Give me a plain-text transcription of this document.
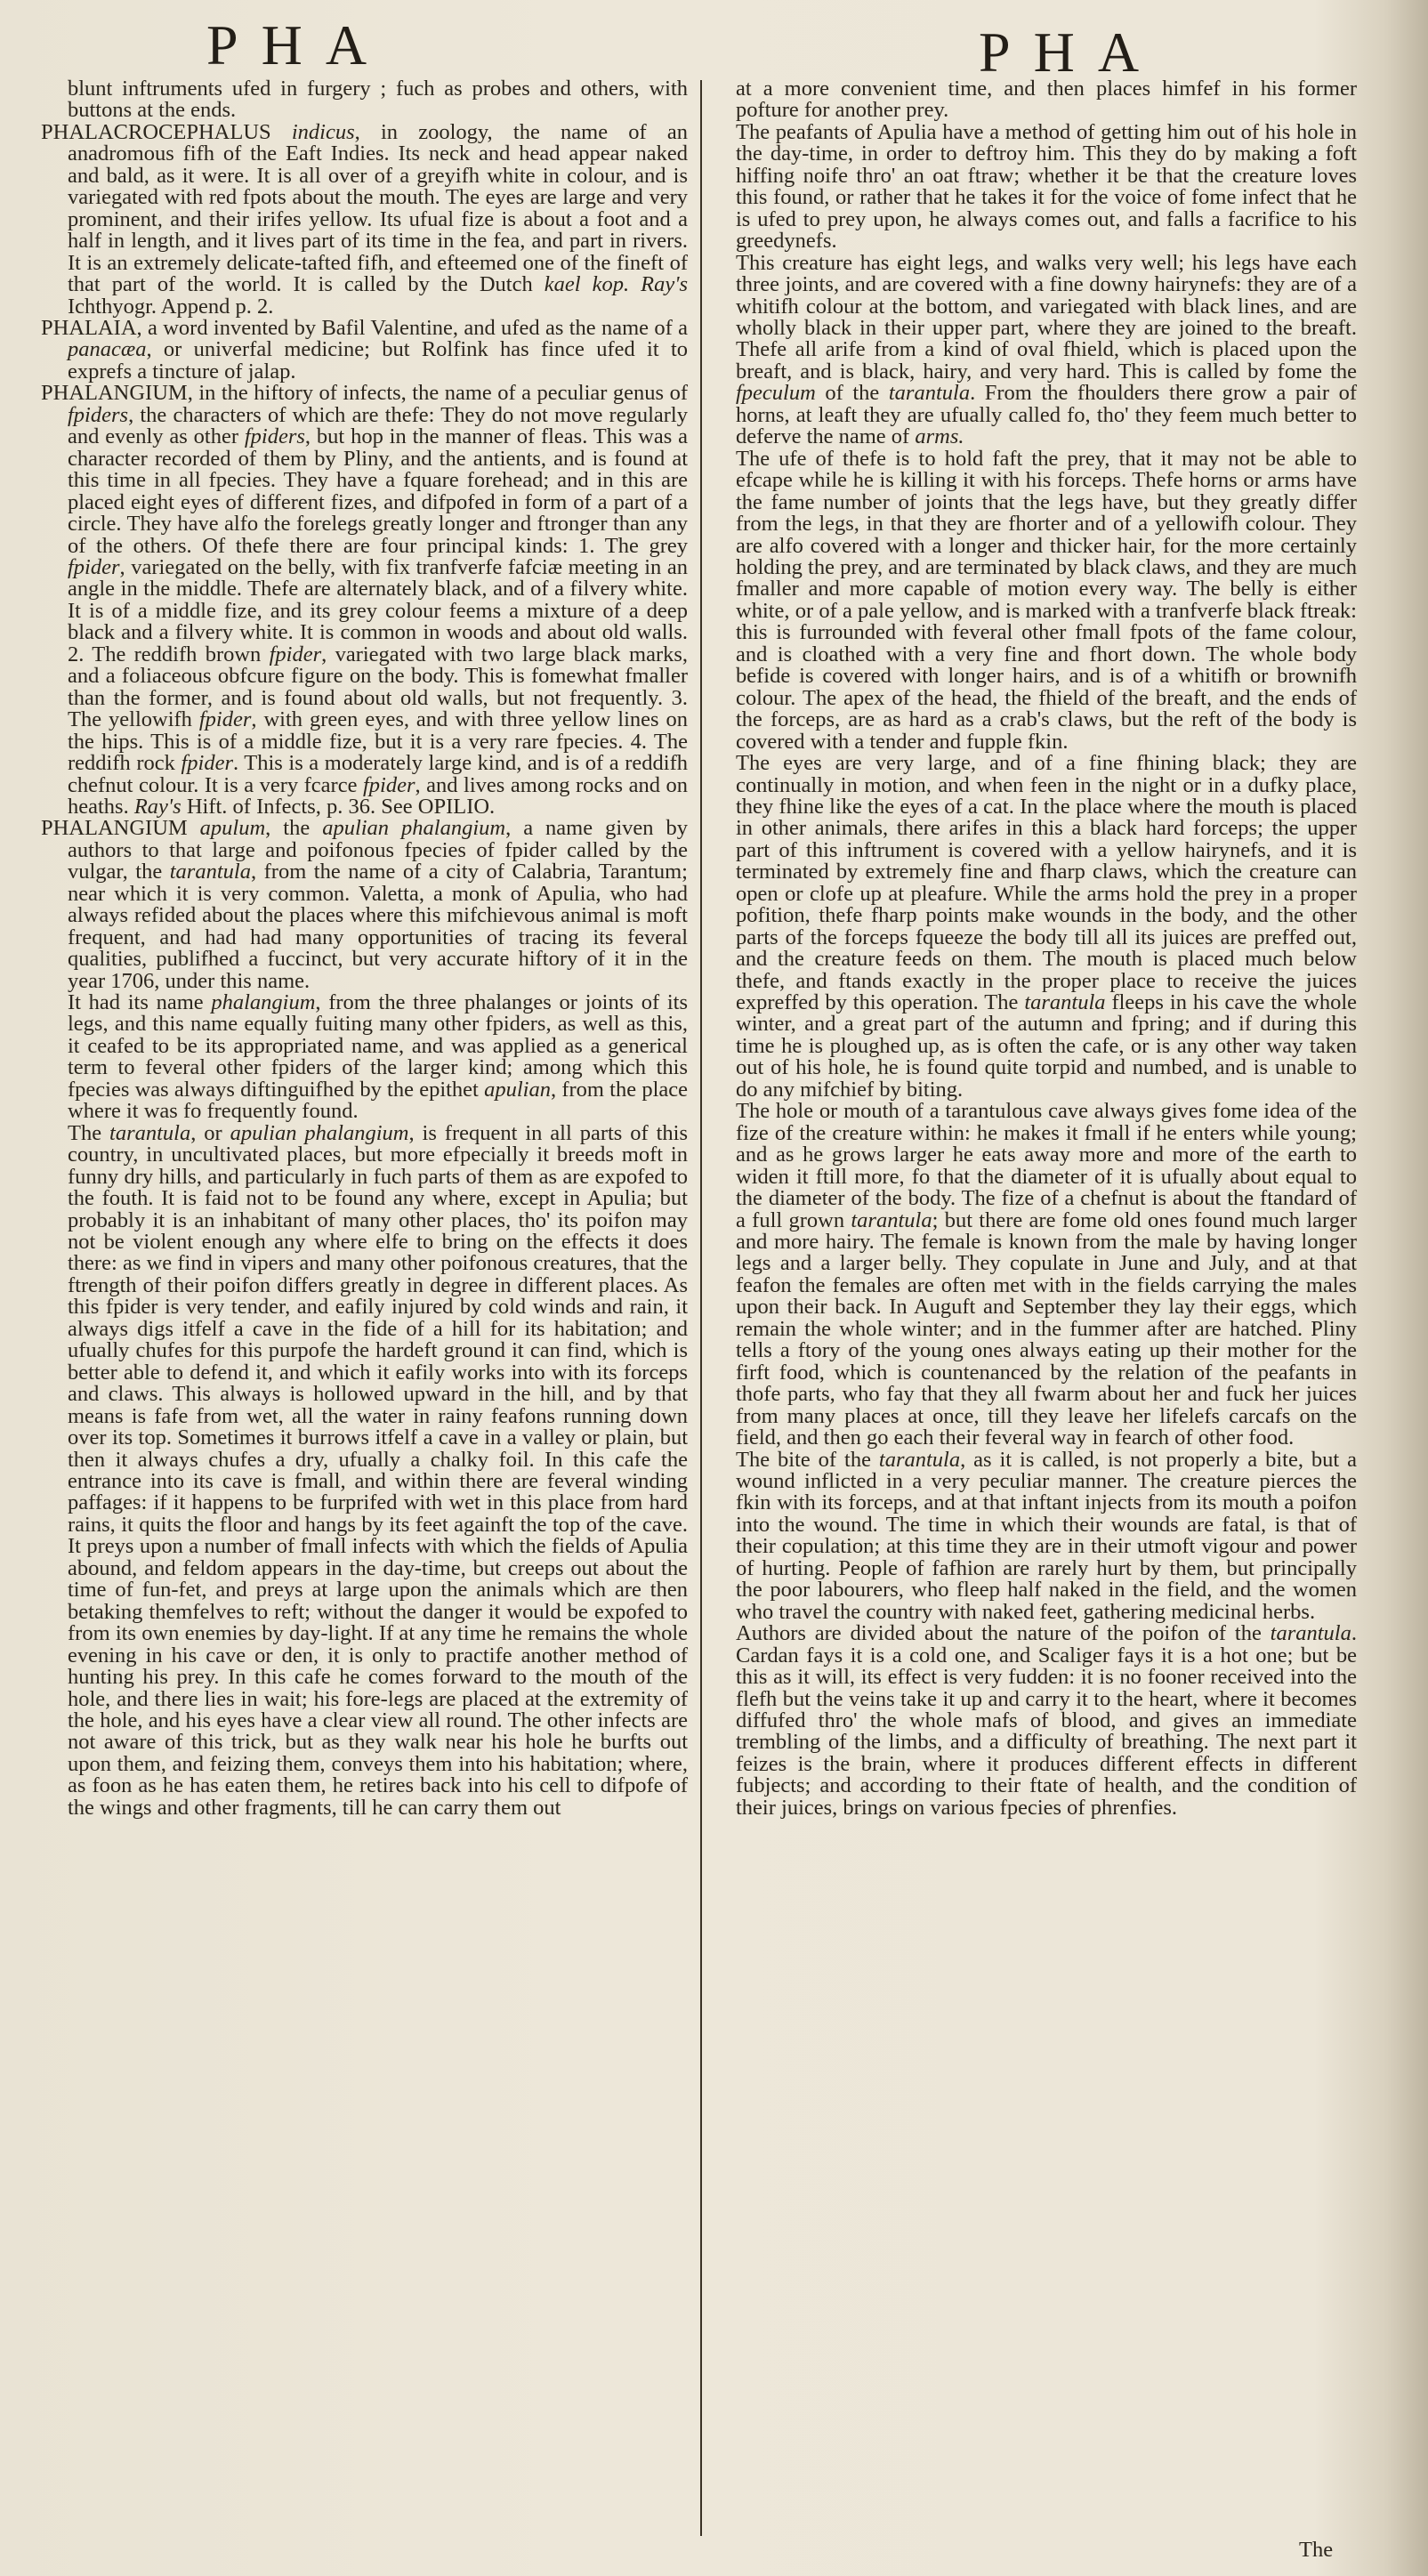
PHA	PHA

blunt inftruments ufed in furgery ; fuch as probes and others, with buttons at the ends.

PHALACROCEPHALUS indicus, in zoology, the name of an anadromous fifh of the Eaft Indies. Its neck and head appear naked and bald, as it were. It is all over of a greyifh white in colour, and is variegated with red fpots about the mouth. The eyes are large and very prominent, and their irifes yellow. Its ufual fize is about a foot and a half in length, and it lives part of its time in the fea, and part in rivers. It is an extremely delicate-tafted fifh, and efteemed one of the fineft of that part of the world. It is called by the Dutch kael kop. Ray's Ichthyogr. Append p. 2.

PHALAIA, a word invented by Bafil Valentine, and ufed as the name of a panacæa, or univerfal medicine; but Rolfink has fince ufed it to exprefs a tincture of jalap.

PHALANGIUM, in the hiftory of infects, the name of a peculiar genus of fpiders, the characters of which are thefe: They do not move regularly and evenly as other fpiders, but hop in the manner of fleas. This was a character recorded of them by Pliny, and the antients, and is found at this time in all fpecies. They have a fquare forehead; and in this are placed eight eyes of different fizes, and difpofed in form of a part of a circle. They have alfo the forelegs greatly longer and ftronger than any of the others. Of thefe there are four principal kinds: 1. The grey fpider, variegated on the belly, with fix tranfverfe fafciæ meeting in an angle in the middle. Thefe are alternately black, and of a filvery white. It is of a middle fize, and its grey colour feems a mixture of a deep black and a filvery white. It is common in woods and about old walls. 2. The reddifh brown fpider, variegated with two large black marks, and a foliaceous obfcure figure on the body. This is fomewhat fmaller than the former, and is found about old walls, but not frequently. 3. The yellowifh fpider, with green eyes, and with three yellow lines on the hips. This is of a middle fize, but it is a very rare fpecies. 4. The reddifh rock fpider. This is a moderately large kind, and is of a reddifh chefnut colour. It is a very fcarce fpider, and lives among rocks and on heaths. Ray's Hift. of Infects, p. 36. See OPILIO.

PHALANGIUM apulum, the apulian phalangium, a name given by authors to that large and poifonous fpecies of fpider called by the vulgar, the tarantula, from the name of a city of Calabria, Tarantum; near which it is very common. Valetta, a monk of Apulia, who had always refided about the places where this mifchievous animal is moft frequent, and had had many opportunities of tracing its feveral qualities, publifhed a fuccinct, but very accurate hiftory of it in the year 1706, under this name.

It had its name phalangium, from the three phalanges or joints of its legs, and this name equally fuiting many other fpiders, as well as this, it ceafed to be its appropriated name, and was applied as a generical term to feveral other fpiders of the larger kind; among which this fpecies was always diftinguifhed by the epithet apulian, from the place where it was fo frequently found.

The tarantula, or apulian phalangium, is frequent in all parts of this country, in uncultivated places, but more efpecially it breeds moft in funny dry hills, and particularly in fuch parts of them as are expofed to the fouth. It is faid not to be found any where, except in Apulia; but probably it is an inhabitant of many other places, tho' its poifon may not be violent enough any where elfe to bring on the effects it does there: as we find in vipers and many other poifonous creatures, that the ftrength of their poifon differs greatly in degree in different places. As this fpider is very tender, and eafily injured by cold winds and rain, it always digs itfelf a cave in the fide of a hill for its habitation; and ufually chufes for this purpofe the hardeft ground it can find, which is better able to defend it, and which it eafily works into with its forceps and claws. This always is hollowed upward in the hill, and by that means is fafe from wet, all the water in rainy feafons running down over its top. Sometimes it burrows itfelf a cave in a valley or plain, but then it always chufes a dry, ufually a chalky foil. In this cafe the entrance into its cave is fmall, and within there are feveral winding paffages: if it happens to be furprifed with wet in this place from hard rains, it quits the floor and hangs by its feet againft the top of the cave. It preys upon a number of fmall infects with which the fields of Apulia abound, and feldom appears in the day-time, but creeps out about the time of fun-fet, and preys at large upon the animals which are then betaking themfelves to reft; without the danger it would be expofed to from its own enemies by day-light. If at any time he remains the whole evening in his cave or den, it is only to practife another method of hunting his prey. In this cafe he comes forward to the mouth of the hole, and there lies in wait; his fore-legs are placed at the extremity of the hole, and his eyes have a clear view all round. The other infects are not aware of this trick, but as they walk near his hole he burfts out upon them, and feizing them, conveys them into his habitation; where, as foon as he has eaten them, he retires back into his cell to difpofe of the wings and other fragments, till he can carry them out

at a more convenient time, and then places himfef in his former pofture for another prey.

The peafants of Apulia have a method of getting him out of his hole in the day-time, in order to deftroy him. This they do by making a foft hiffing noife thro' an oat ftraw; whether it be that the creature loves this found, or rather that he takes it for the voice of fome infect that he is ufed to prey upon, he always comes out, and falls a facrifice to his greedynefs.

This creature has eight legs, and walks very well; his legs have each three joints, and are covered with a fine downy hairynefs: they are of a whitifh colour at the bottom, and variegated with black lines, and are wholly black in their upper part, where they are joined to the breaft. Thefe all arife from a kind of oval fhield, which is placed upon the breaft, and is black, hairy, and very hard. This is called by fome the fpeculum of the tarantula. From the fhoulders there grow a pair of horns, at leaft they are ufually called fo, tho' they feem much better to deferve the name of arms.

The ufe of thefe is to hold faft the prey, that it may not be able to efcape while he is killing it with his forceps. Thefe horns or arms have the fame number of joints that the legs have, but they greatly differ from the legs, in that they are fhorter and of a yellowifh colour. They are alfo covered with a longer and thicker hair, for the more certainly holding the prey, and are terminated by black claws, and they are much fmaller and more capable of motion every way. The belly is either white, or of a pale yellow, and is marked with a tranfverfe black ftreak: this is furrounded with feveral other fmall fpots of the fame colour, and is cloathed with a very fine and fhort down. The whole body befide is covered with longer hairs, and is of a whitifh or brownifh colour. The apex of the head, the fhield of the breaft, and the ends of the forceps, are as hard as a crab's claws, but the reft of the body is covered with a tender and fupple fkin.

The eyes are very large, and of a fine fhining black; they are continually in motion, and when feen in the night or in a dufky place, they fhine like the eyes of a cat. In the place where the mouth is placed in other animals, there arifes in this a black hard forceps; the upper part of this inftrument is covered with a yellow hairynefs, and it is terminated by extremely fine and fharp claws, which the creature can open or clofe up at pleafure. While the arms hold the prey in a proper pofition, thefe fharp points make wounds in the body, and the other parts of the forceps fqueeze the body till all its juices are preffed out, and the creature feeds on them. The mouth is placed much below thefe, and ftands exactly in the proper place to receive the juices expreffed by this operation. The tarantula fleeps in his cave the whole winter, and a great part of the autumn and fpring; and if during this time he is ploughed up, as is often the cafe, or is any other way taken out of his hole, he is found quite torpid and numbed, and is unable to do any mifchief by biting.

The hole or mouth of a tarantulous cave always gives fome idea of the fize of the creature within: he makes it fmall if he enters while young; and as he grows larger he eats away more and more of the earth to widen it ftill more, fo that the diameter of it is ufually about equal to the diameter of the body. The fize of a chefnut is about the ftandard of a full grown tarantula; but there are fome old ones found much larger and more hairy. The female is known from the male by having longer legs and a larger belly. They copulate in June and July, and at that feafon the females are often met with in the fields carrying the males upon their back. In Auguft and September they lay their eggs, which remain the whole winter; and in the fummer after are hatched. Pliny tells a ftory of the young ones always eating up their mother for the firft food, which is countenanced by the relation of the peafants in thofe parts, who fay that they all fwarm about her and fuck her juices from many places at once, till they leave her lifelefs carcafs on the field, and then go each their feveral way in fearch of other food.

The bite of the tarantula, as it is called, is not properly a bite, but a wound inflicted in a very peculiar manner. The creature pierces the fkin with its forceps, and at that inftant injects from its mouth a poifon into the wound. The time in which their wounds are fatal, is that of their copulation; at this time they are in their utmoft vigour and power of hurting. People of fafhion are rarely hurt by them, but principally the poor labourers, who fleep half naked in the field, and the women who travel the country with naked feet, gathering medicinal herbs.

Authors are divided about the nature of the poifon of the tarantula. Cardan fays it is a cold one, and Scaliger fays it is a hot one; but be this as it will, its effect is very fudden: it is no fooner received into the flefh but the veins take it up and carry it to the heart, where it becomes diffufed thro' the whole mafs of blood, and gives an immediate trembling of the limbs, and a difficulty of breathing. The next part it feizes is the brain, where it produces different effects in different fubjects; and according to their ftate of health, and the condition of their juices, brings on various fpecies of phrenfies.

The
